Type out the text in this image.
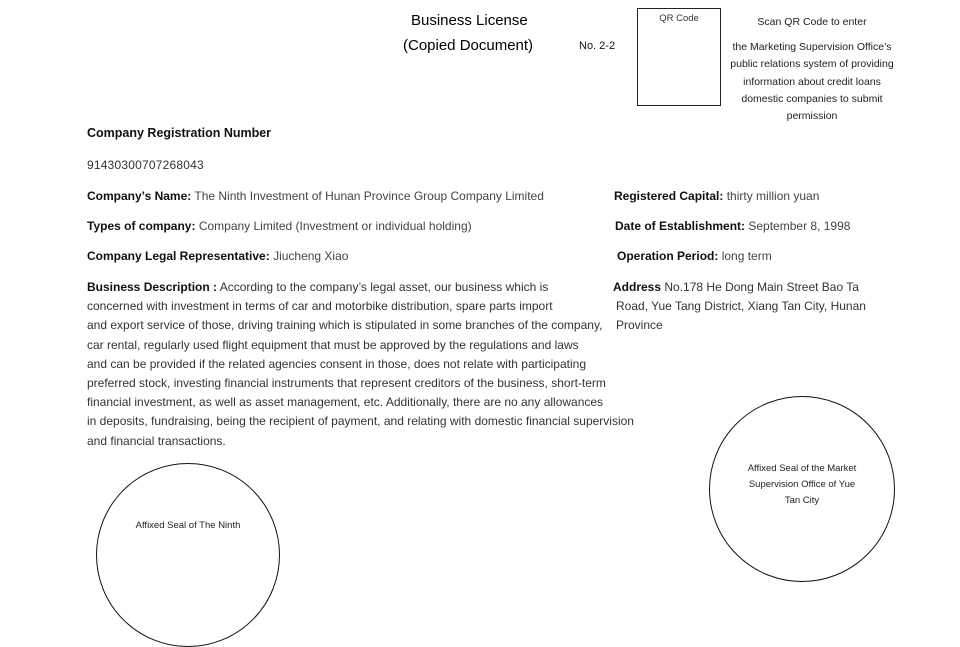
Business License
(Copied Document)	No. 2-2
QR Code	Scan QR Code to enter
the Marketing Supervision Office’s
public relations system of providing
information about credit loans
domestic companies to submit
permission
Company Registration Number
91430300707268043
Company’s Name: The Ninth Investment of Hunan Province Group Company Limited
Types of company: Company Limited (Investment or individual holding)
Company Legal Representative: Jiucheng Xiao
Registered Capital: thirty million yuan
Date of Establishment: September 8, 1998
Operation Period: long term
Business Description : According to the company’s legal asset, our business which is
concerned with investment in terms of car and motorbike distribution, spare parts import
and export service of those, driving training which is stipulated in some branches of the company,
car rental, regularly used flight equipment that must be approved by the regulations and laws
and can be provided if the related agencies consent in those, does not relate with participating
preferred stock, investing financial instruments that represent creditors of the business, short-term
financial investment, as well as asset management, etc. Additionally, there are no any allowances
in deposits, fundraising, being the recipient of payment, and relating with domestic financial supervision
and financial transactions.
Address No.178 He Dong Main Street Bao Ta
Road, Yue Tang District, Xiang Tan City, Hunan
Province
Affixed Seal of the Market
Supervision Office of Yue
Tan City
Affixed Seal of The Ninth
